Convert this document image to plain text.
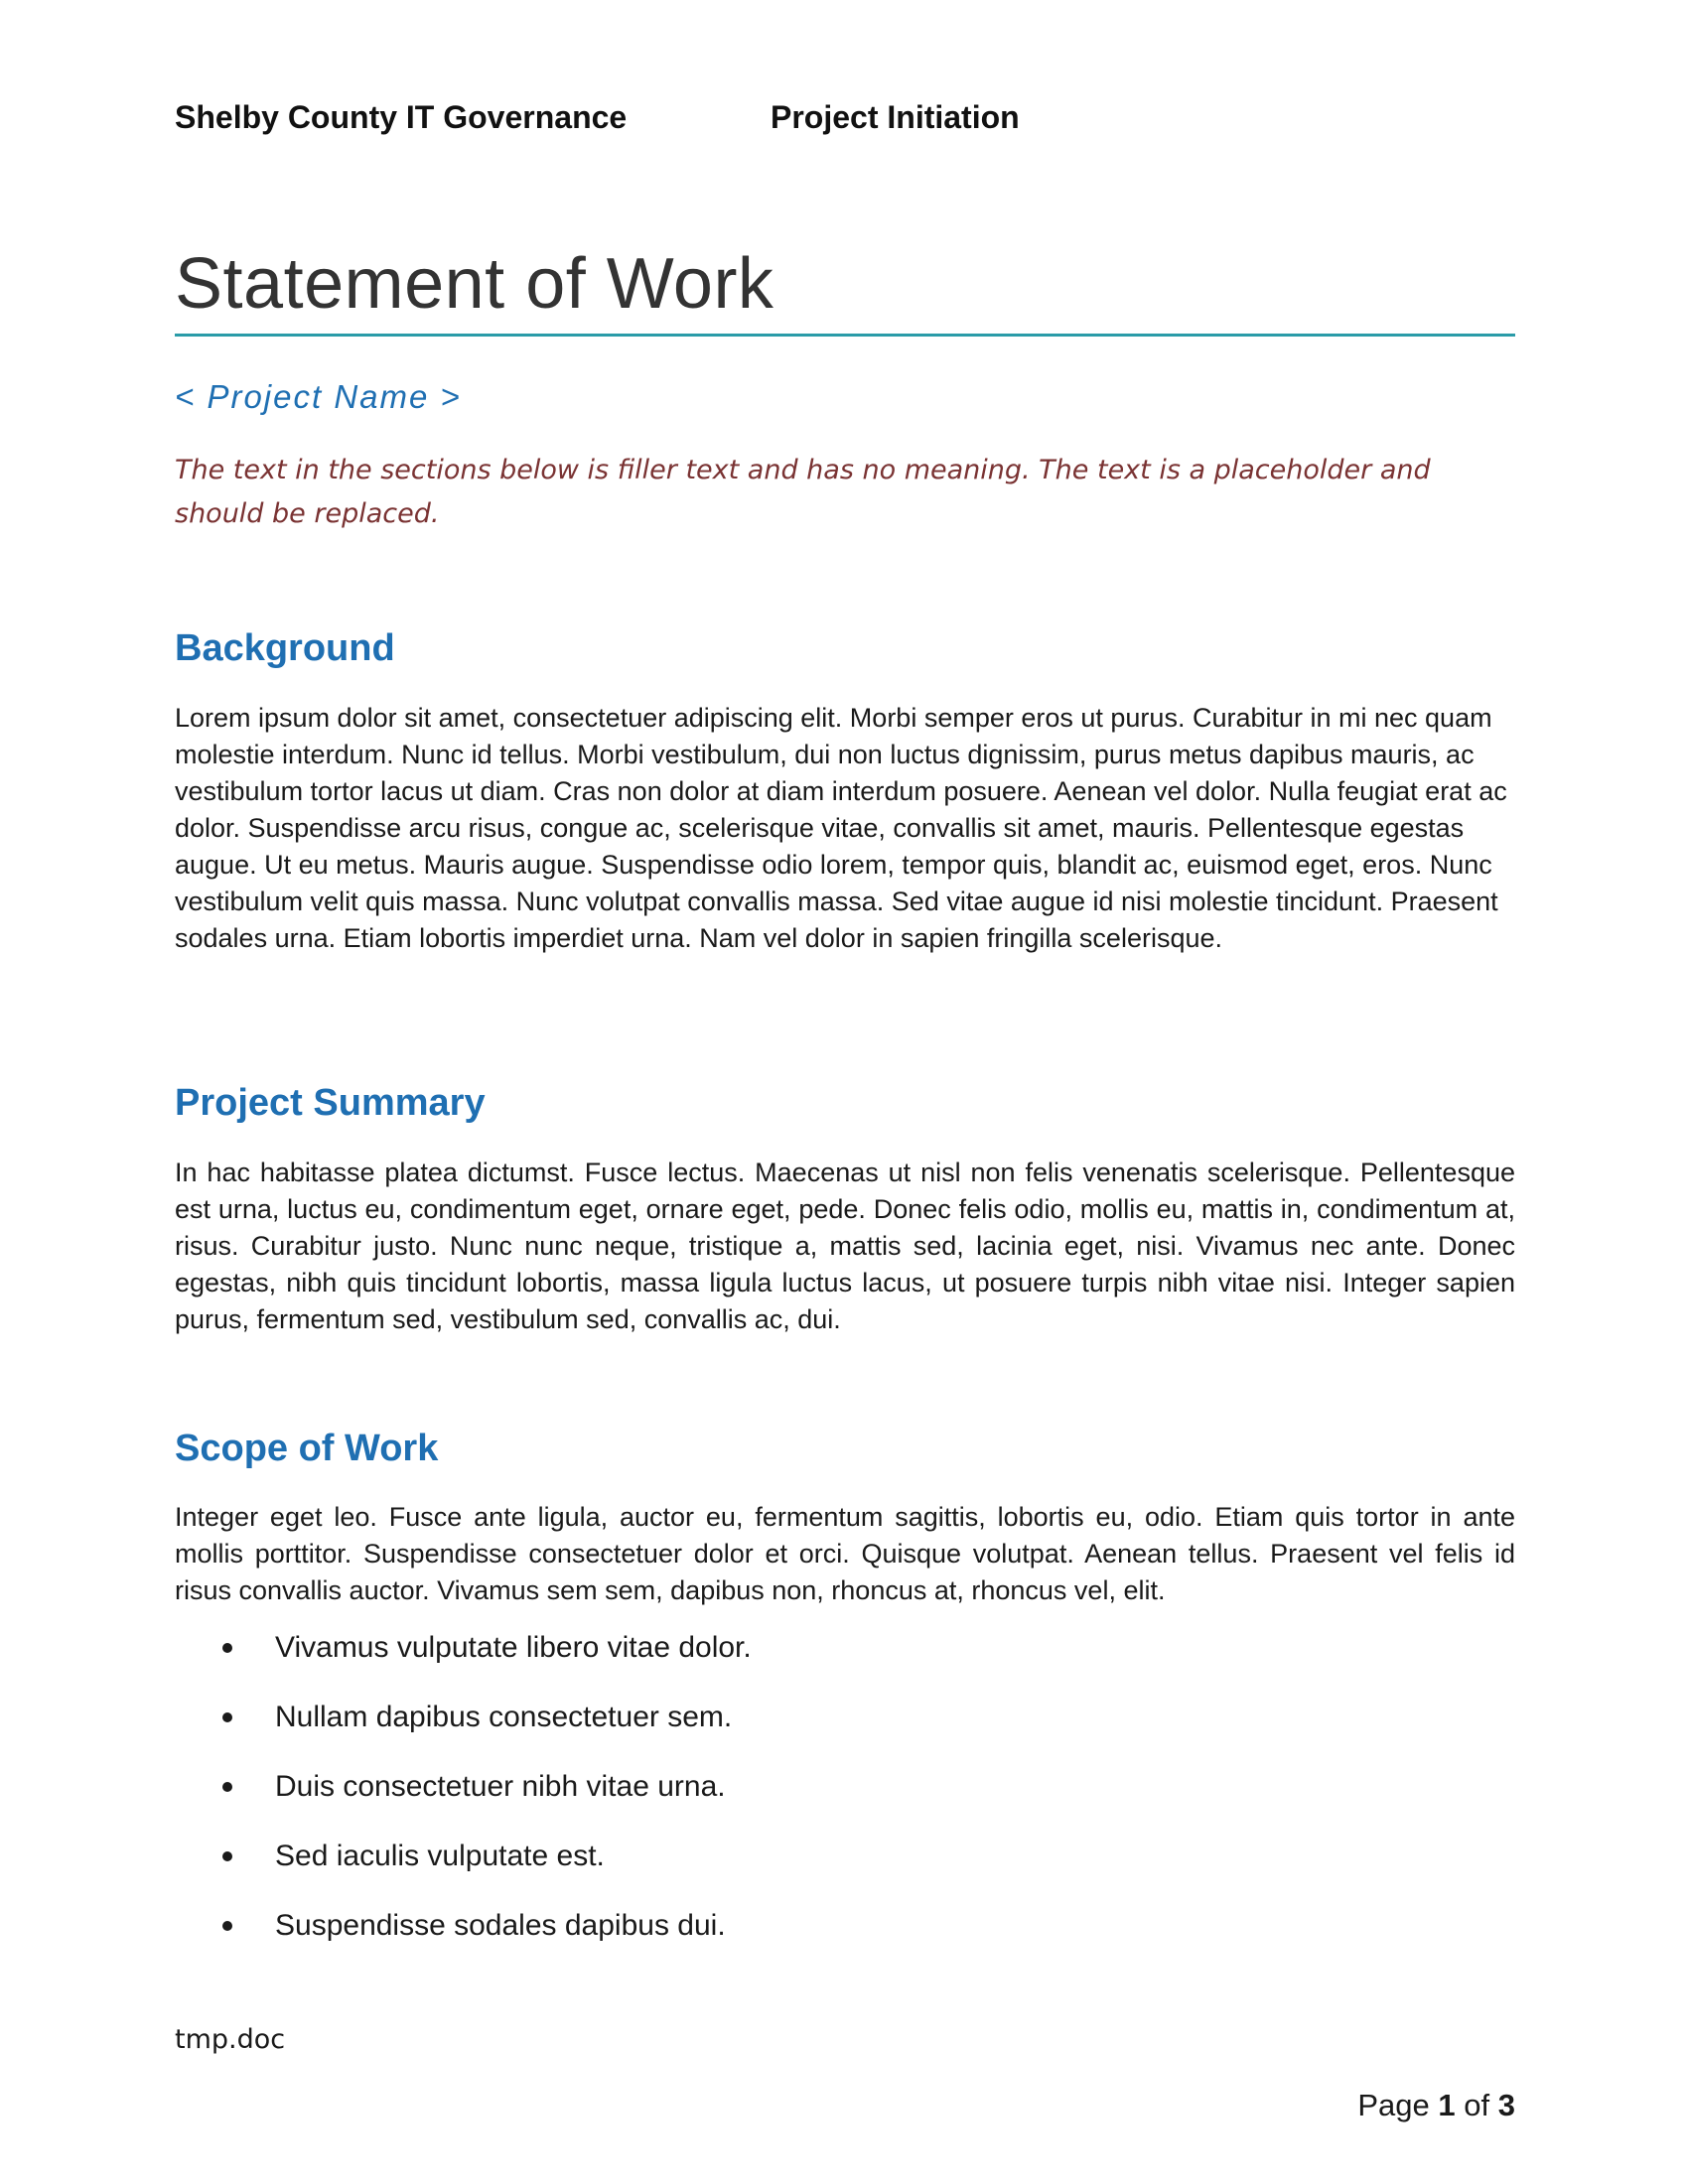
Shelby County IT Governance	Project Initiation
Statement of Work
< Project Name >

The text in the sections below is filler text and has no meaning. The text is a placeholder and should be replaced.

Background

Lorem ipsum dolor sit amet, consectetuer adipiscing elit. Morbi semper eros ut purus. Curabitur in mi nec quam molestie interdum. Nunc id tellus. Morbi vestibulum, dui non luctus dignissim, purus metus dapibus mauris, ac vestibulum tortor lacus ut diam. Cras non dolor at diam interdum posuere. Aenean vel dolor. Nulla feugiat erat ac dolor. Suspendisse arcu risus, congue ac, scelerisque vitae, convallis sit amet, mauris. Pellentesque egestas augue. Ut eu metus. Mauris augue. Suspendisse odio lorem, tempor quis, blandit ac, euismod eget, eros. Nunc vestibulum velit quis massa. Nunc volutpat convallis massa. Sed vitae augue id nisi molestie tincidunt. Praesent sodales urna. Etiam lobortis imperdiet urna. Nam vel dolor in sapien fringilla scelerisque.

Project Summary

In hac habitasse platea dictumst. Fusce lectus. Maecenas ut nisl non felis venenatis scelerisque. Pellentesque est urna, luctus eu, condimentum eget, ornare eget, pede. Donec felis odio, mollis eu, mattis in, condimentum at, risus. Curabitur justo. Nunc nunc neque, tristique a, mattis sed, lacinia eget, nisi. Vivamus nec ante. Donec egestas, nibh quis tincidunt lobortis, massa ligula luctus lacus, ut posuere turpis nibh vitae nisi. Integer sapien purus, fermentum sed, vestibulum sed, convallis ac, dui.

Scope of Work

Integer eget leo. Fusce ante ligula, auctor eu, fermentum sagittis, lobortis eu, odio. Etiam quis tortor in ante mollis porttitor. Suspendisse consectetuer dolor et orci. Quisque volutpat. Aenean tellus. Praesent vel felis id risus convallis auctor. Vivamus sem sem, dapibus non, rhoncus at, rhoncus vel, elit.

Vivamus vulputate libero vitae dolor.
Nullam dapibus consectetuer sem.
Duis consectetuer nibh vitae urna.
Sed iaculis vulputate est.
Suspendisse sodales dapibus dui.
tmp.doc
Page 1 of 3
